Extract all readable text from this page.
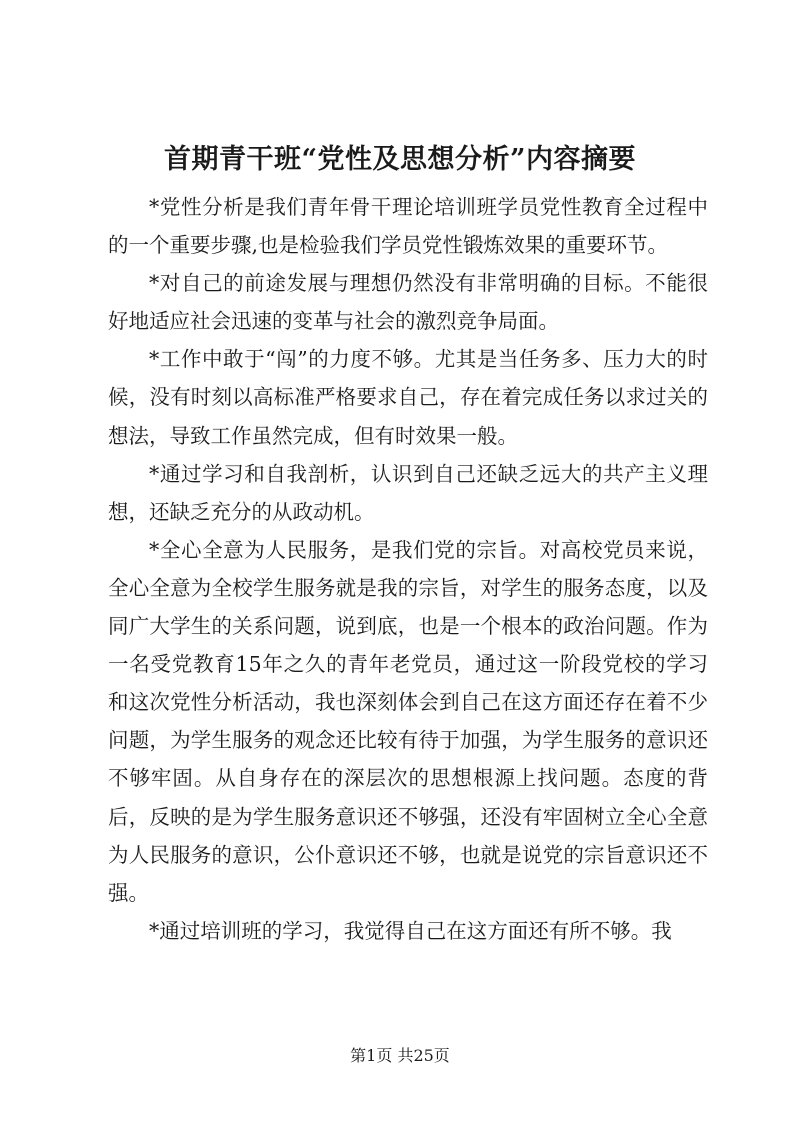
首期青干班“党性及思想分析”内容摘要

*党性分析是我们青年骨干理论培训班学员党性教育全过程中的一个重要步骤,也是检验我们学员党性锻炼效果的重要环节。

*对自己的前途发展与理想仍然没有非常明确的目标。不能很好地适应社会迅速的变革与社会的激烈竞争局面。

*工作中敢于“闯”的力度不够。尤其是当任务多、压力大的时候，没有时刻以高标准严格要求自己，存在着完成任务以求过关的想法，导致工作虽然完成，但有时效果一般。

*通过学习和自我剖析，认识到自己还缺乏远大的共产主义理想，还缺乏充分的从政动机。

*全心全意为人民服务，是我们党的宗旨。对高校党员来说，全心全意为全校学生服务就是我的宗旨，对学生的服务态度，以及同广大学生的关系问题，说到底，也是一个根本的政治问题。作为一名受党教育15年之久的青年老党员，通过这一阶段党校的学习和这次党性分析活动，我也深刻体会到自己在这方面还存在着不少问题，为学生服务的观念还比较有待于加强，为学生服务的意识还不够牢固。从自身存在的深层次的思想根源上找问题。态度的背后，反映的是为学生服务意识还不够强，还没有牢固树立全心全意为人民服务的意识，公仆意识还不够，也就是说党的宗旨意识还不强。

*通过培训班的学习，我觉得自己在这方面还有所不够。我

第1页 共25页
